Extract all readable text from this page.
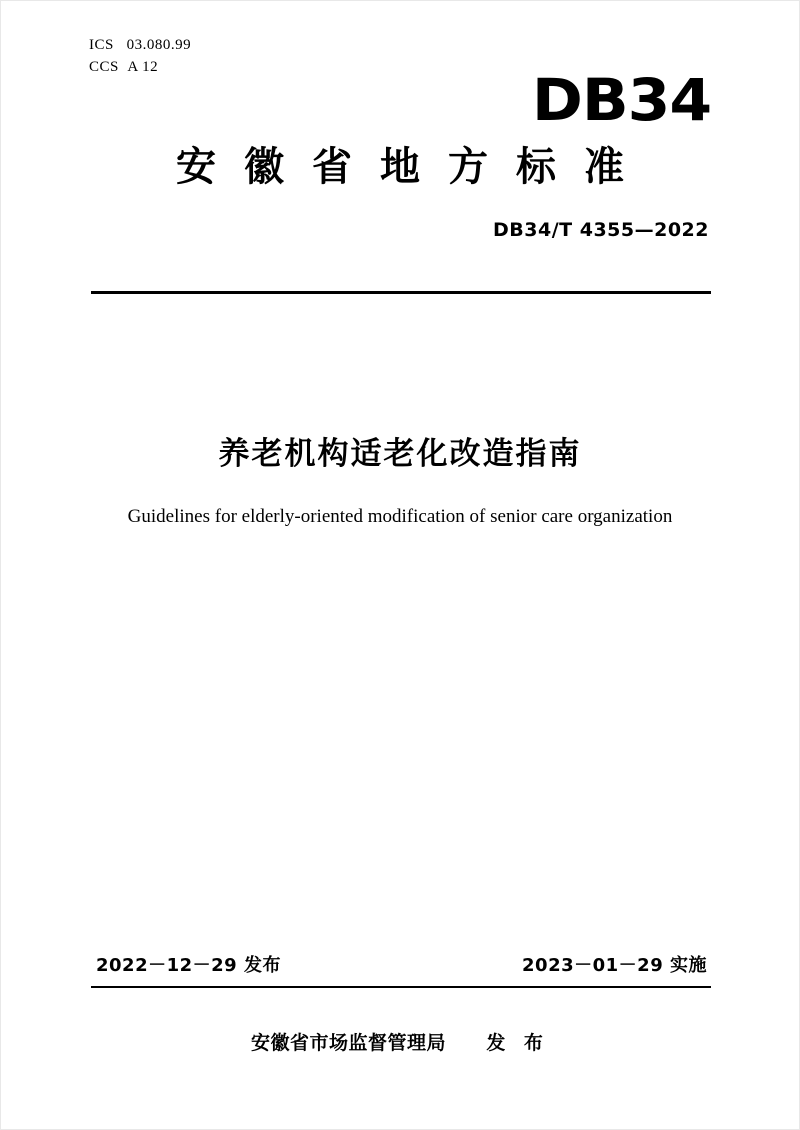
ICS 03.080.99
CCS A 12	DB34
安徽省地方标准
DB34/T 4355—2022
养老机构适老化改造指南
Guidelines for elderly-oriented modification of senior care organization
2022－12－29 发布	2023－01－29 实施
安徽省市场监督管理局 发 布
